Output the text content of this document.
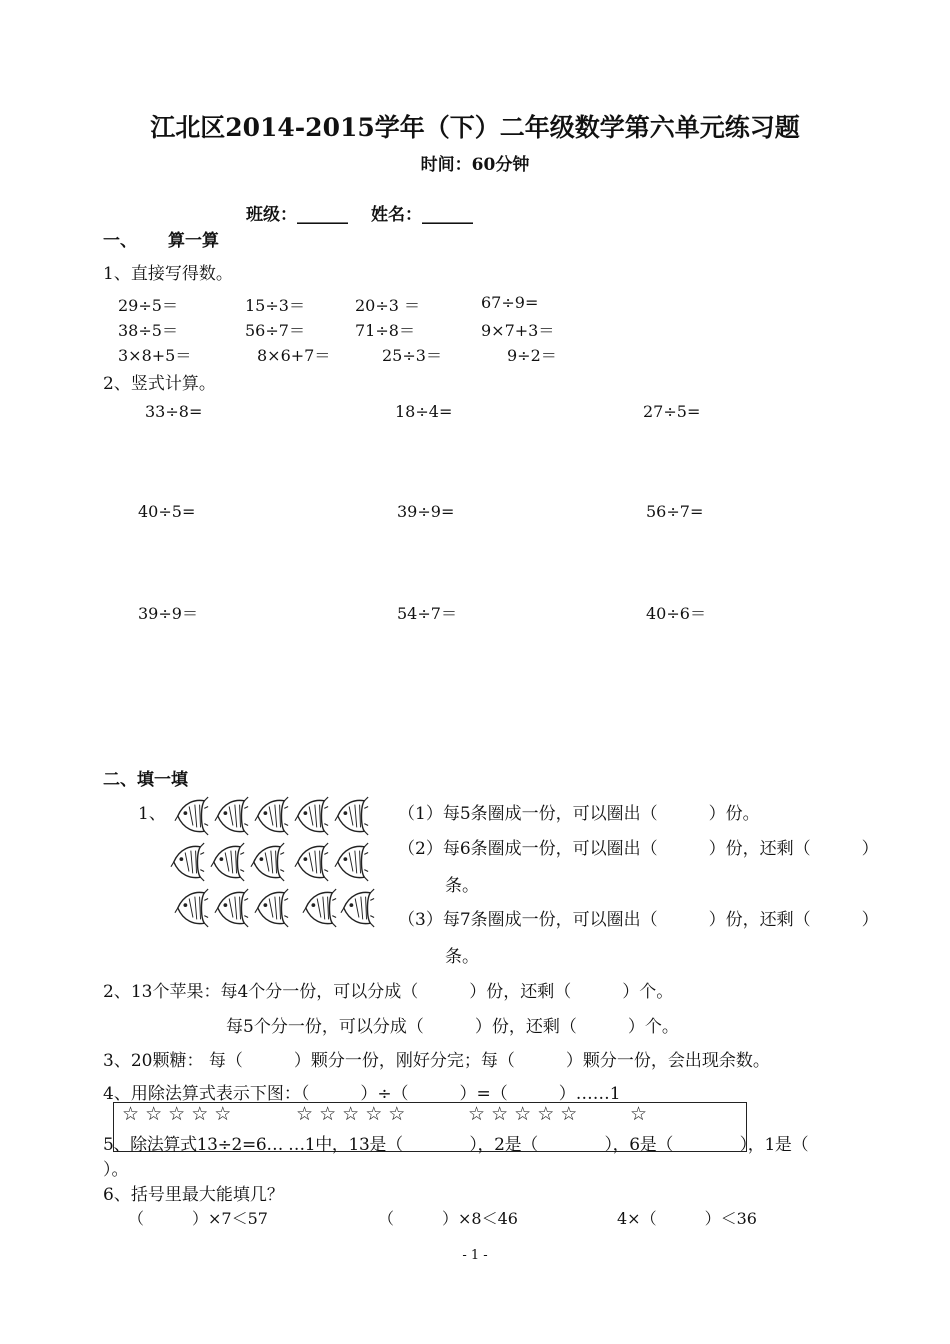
江北区2014-2015学年（下）二年级数学第六单元练习题
时间：60分钟
班级：______ 姓名：______
一、 算一算
1、直接写得数。
29÷5＝	15÷3＝	20÷3 ＝	67÷9=
38÷5＝	56÷7＝	71÷8＝	9×7+3＝
3×8+5＝	8×6+7＝	25÷3＝	9÷2＝
2、竖式计算。
33÷8=	18÷4=	27÷5=
40÷5=	39÷9=	56÷7=
39÷9＝	54÷7＝	40÷6＝
二、填一填
1、	（1）每5条圈成一份，可以圈出（　　　）份。
（2）每6条圈成一份，可以圈出（　　　）份，还剩（　　　）
条。
（3）每7条圈成一份，可以圈出（　　　）份，还剩（　　　）
条。
2、13个苹果：每4个分一份，可以分成（　　　）份，还剩（　　　）个。
每5个分一份，可以分成（　　　）份，还剩（　　　）个。
3、20颗糖： 每（　　　）颗分一份，刚好分完；每（　　　）颗分一份，会出现余数。
4、用除法算式表示下图：（　　　）÷（　　　）=（　　　）……1
☆ ☆ ☆ ☆ ☆	☆ ☆ ☆ ☆ ☆	☆ ☆ ☆ ☆ ☆	☆
5、除法算式13÷2=6… …1中，13是（　　　　），2是（　　　　），6是（　　　　），1是（
）。
6、括号里最大能填几？
（　　　）×7＜57	（　　　）×8＜46	4×（　　　）＜36
- 1 -
